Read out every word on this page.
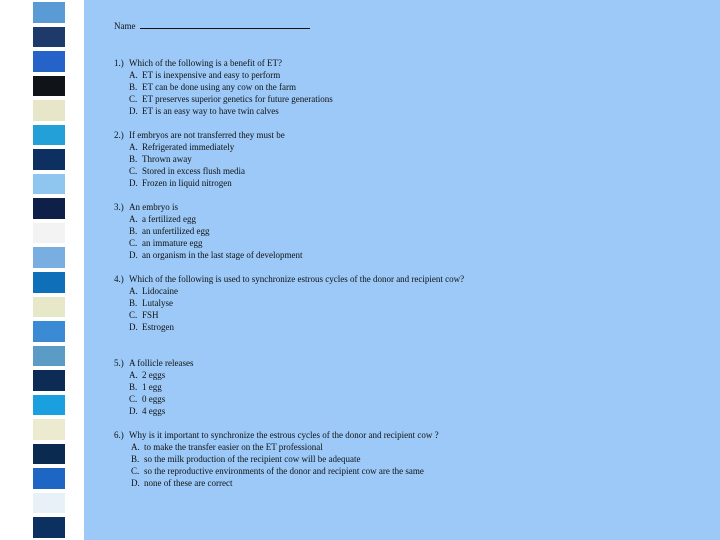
Name
1.) Which of the following is a benefit of ET?
A. ET is inexpensive and easy to perform
B. ET can be done using any cow on the farm
C. ET preserves superior genetics for future generations
D. ET is an easy way to have twin calves
2.) If embryos are not transferred they must be
A. Refrigerated immediately
B. Thrown away
C. Stored in excess flush media
D. Frozen in liquid nitrogen
3.) An embryo is
A. a fertilized egg
B. an unfertilized egg
C. an immature egg
D. an organism in the last stage of development
4.) Which of the following is used to synchronize estrous cycles of the donor and recipient cow?
A. Lidocaine
B. Lutalyse
C. FSH
D. Estrogen
5.) A follicle releases
A. 2 eggs
B. 1 egg
C. 0 eggs
D. 4 eggs
6.) Why is it important to synchronize the estrous cycles of the donor and recipient cow ?
A. to make the transfer easier on the ET professional
B. so the milk production of the recipient cow will be adequate
C. so the reproductive environments of the donor and recipient cow are the same
D. none of these are correct
